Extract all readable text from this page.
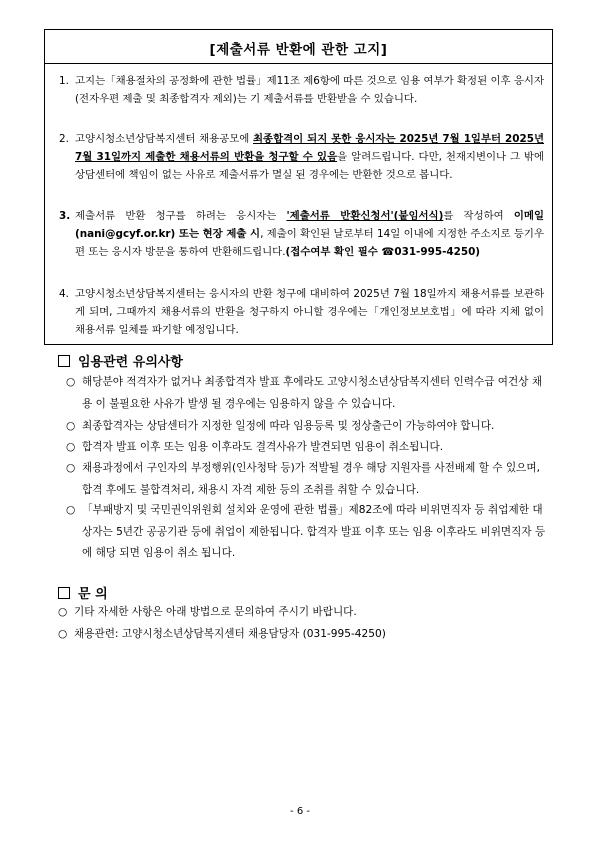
[제출서류 반환에 관한 고지]
1. 고지는「채용절차의 공정화에 관한 법률」제11조 제6항에 따른 것으로 임용 여부가 확정된 이후 응시자(전자우편 제출 및 최종합격자 제외)는 기 제출서류를 반환받을 수 있습니다.
2. 고양시청소년상담복지센터 채용공모에 최종합격이 되지 못한 응시자는 2025년 7월 1일부터 2025년 7월 31일까지 제출한 채용서류의 반환을 청구할 수 있음을 알려드립니다. 다만, 천재지변이나 그 밖에 상담센터에 책임이 없는 사유로 제출서류가 멸실 된 경우에는 반환한 것으로 봅니다.
3. 제출서류 반환 청구를 하려는 응시자는 '제출서류 반환신청서'(붙임서식)를 작성하여 이메일(nani@gcyf.or.kr) 또는 현장 제출 시, 제출이 확인된 날로부터 14일 이내에 지정한 주소지로 등기우편 또는 응시자 방문을 통하여 반환해드립니다.(접수여부 확인 필수 ☎031-995-4250)
4. 고양시청소년상담복지센터는 응시자의 반환 청구에 대비하여 2025년 7월 18일까지 채용서류를 보관하게 되며, 그때까지 채용서류의 반환을 청구하지 아니할 경우에는「개인정보보호법」에 따라 지체 없이 채용서류 일체를 파기할 예정입니다.
임용관련 유의사항
○ 해당분야 적격자가 없거나 최종합격자 발표 후에라도 고양시청소년상담복지센터 인력수급 여건상 채용 이 불필요한 사유가 발생 될 경우에는 임용하지 않을 수 있습니다.
○ 최종합격자는 상담센터가 지정한 일정에 따라 임용등록 및 정상출근이 가능하여야 합니다.
○ 합격자 발표 이후 또는 임용 이후라도 결격사유가 발견되면 임용이 취소됩니다.
○ 채용과정에서 구인자의 부정행위(인사청탁 등)가 적발될 경우 해당 지원자를 사전배제 할 수 있으며, 합격 후에도 불합격처리, 채용시 자격 제한 등의 조취를 취할 수 있습니다.
○ 「부패방지 및 국민권익위원회 설치와 운영에 관한 법률」제82조에 따라 비위면직자 등 취업제한 대상자는 5년간 공공기관 등에 취업이 제한됩니다. 합격자 발표 이후 또는 임용 이후라도 비위면직자 등에 해당 되면 임용이 취소 됩니다.
문 의
○ 기타 자세한 사항은 아래 방법으로 문의하여 주시기 바랍니다.
○ 채용관련: 고양시청소년상담복지센터 채용담당자 (031-995-4250)
- 6 -
